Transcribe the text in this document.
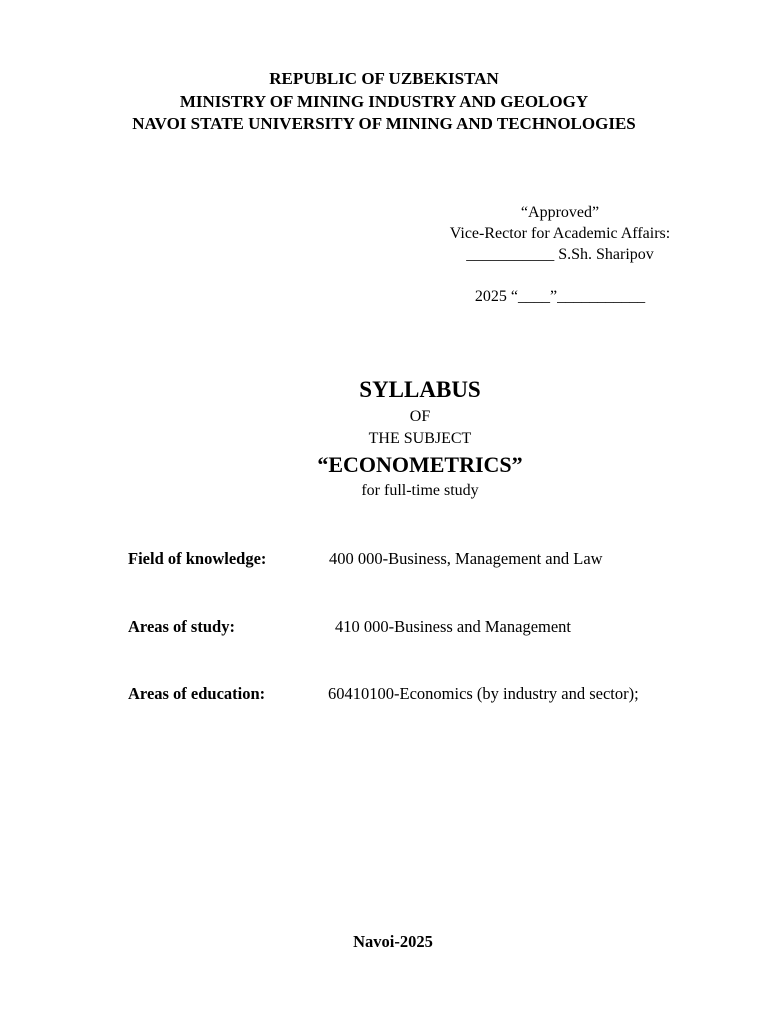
REPUBLIC OF UZBEKISTAN
MINISTRY OF MINING INDUSTRY AND GEOLOGY
NAVOI STATE UNIVERSITY OF MINING AND TECHNOLOGIES
“Approved”
Vice-Rector for Academic Affairs:
___________ S.Sh. Sharipov
2025 “____”___________
SYLLABUS
OF
THE SUBJECT
“ECONOMETRICS”
for full-time study
Field of knowledge:	400 000-Business, Management and Law
Areas of study:	410 000-Business and Management
Areas of education:	60410100-Economics (by industry and sector);
Navoi-2025
